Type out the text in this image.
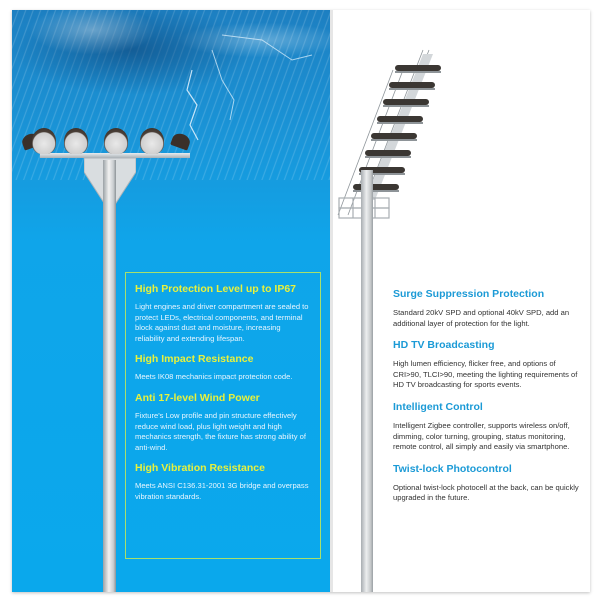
High Protection Level up to IP67

Light engines and driver compartment are sealed to protect LEDs, electrical components, and terminal block against dust and moisture, increasing reliability and extending lifespan.

High Impact Resistance

Meets IK08 mechanics impact protection code.

Anti 17-level Wind Power

Fixture's Low profile and pin structure effectively reduce wind load, plus light weight and high mechanics strength, the fixture has strong ability of anti-wind.

High Vibration Resistance

Meets ANSI C136.31-2001 3G bridge and overpass vibration standards.

Surge Suppression Protection

Standard 20kV SPD and optional 40kV SPD, add an additional layer of protection for the light.

HD TV Broadcasting

High lumen efficiency, flicker free, and options of CRI>90, TLCI>90, meeting the lighting requirements of HD TV broadcasting for sports events.

Intelligent Control

Intelligent Zigbee controller, supports wireless on/off, dimming, color turning, grouping, status monitoring, remote control, all simply and easily via smartphone.

Twist-lock Photocontrol

Optional twist-lock photocell at the back, can be quickly upgraded in the future.
